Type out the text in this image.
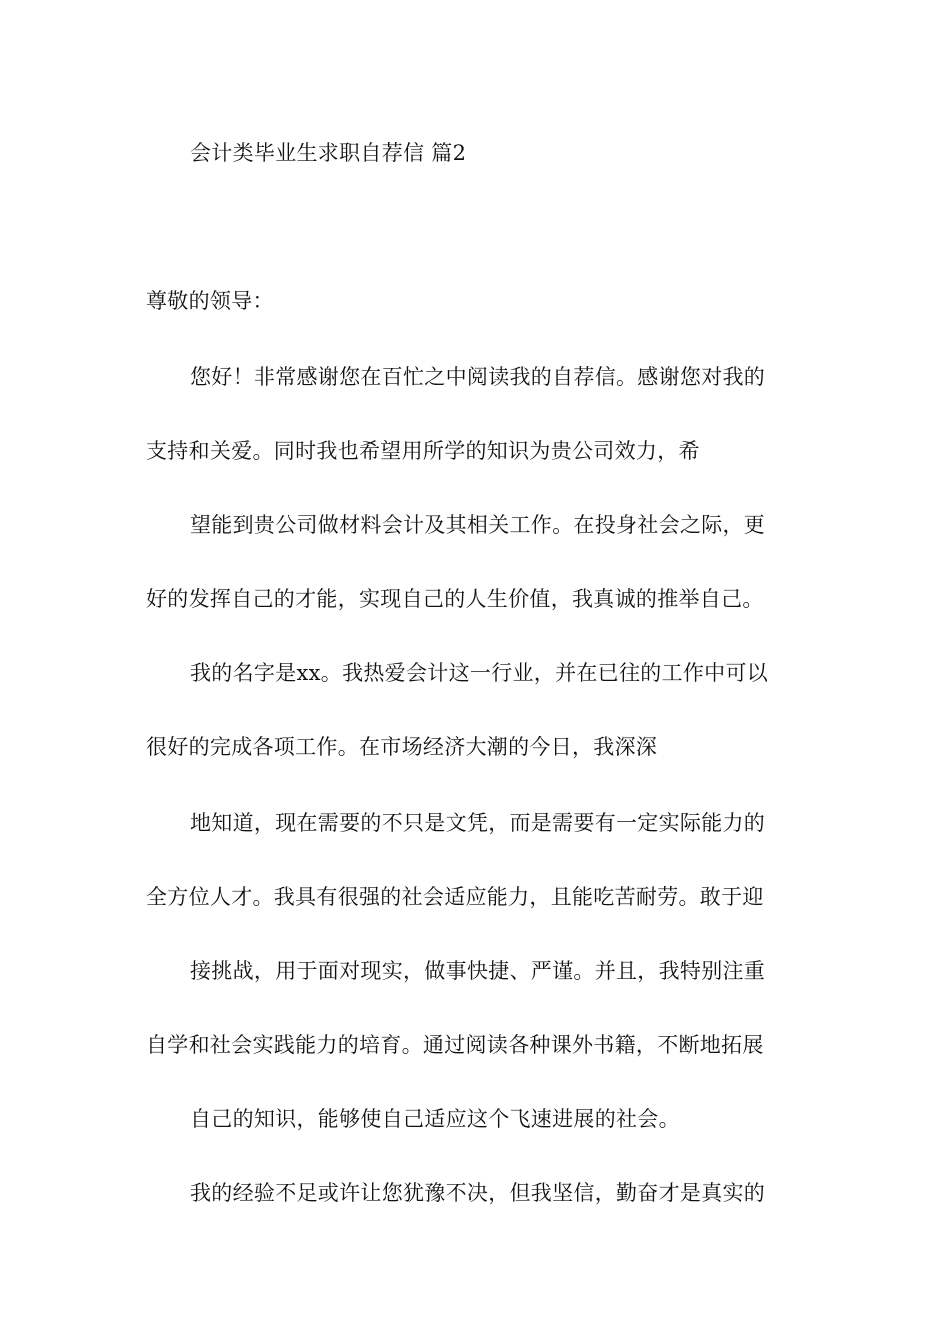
会计类毕业生求职自荐信 篇2
尊敬的领导：
您好！非常感谢您在百忙之中阅读我的自荐信。感谢您对我的
支持和关爱。同时我也希望用所学的知识为贵公司效力，希
望能到贵公司做材料会计及其相关工作。在投身社会之际，更
好的发挥自己的才能，实现自己的人生价值，我真诚的推举自己。
我的名字是xx。我热爱会计这一行业，并在已往的工作中可以
很好的完成各项工作。在市场经济大潮的今日，我深深
地知道，现在需要的不只是文凭，而是需要有一定实际能力的
全方位人才。我具有很强的社会适应能力，且能吃苦耐劳。敢于迎
接挑战，用于面对现实，做事快捷、严谨。并且，我特别注重
自学和社会实践能力的培育。通过阅读各种课外书籍，不断地拓展
自己的知识，能够使自己适应这个飞速进展的社会。
我的经验不足或许让您犹豫不决，但我坚信，勤奋才是真实的
